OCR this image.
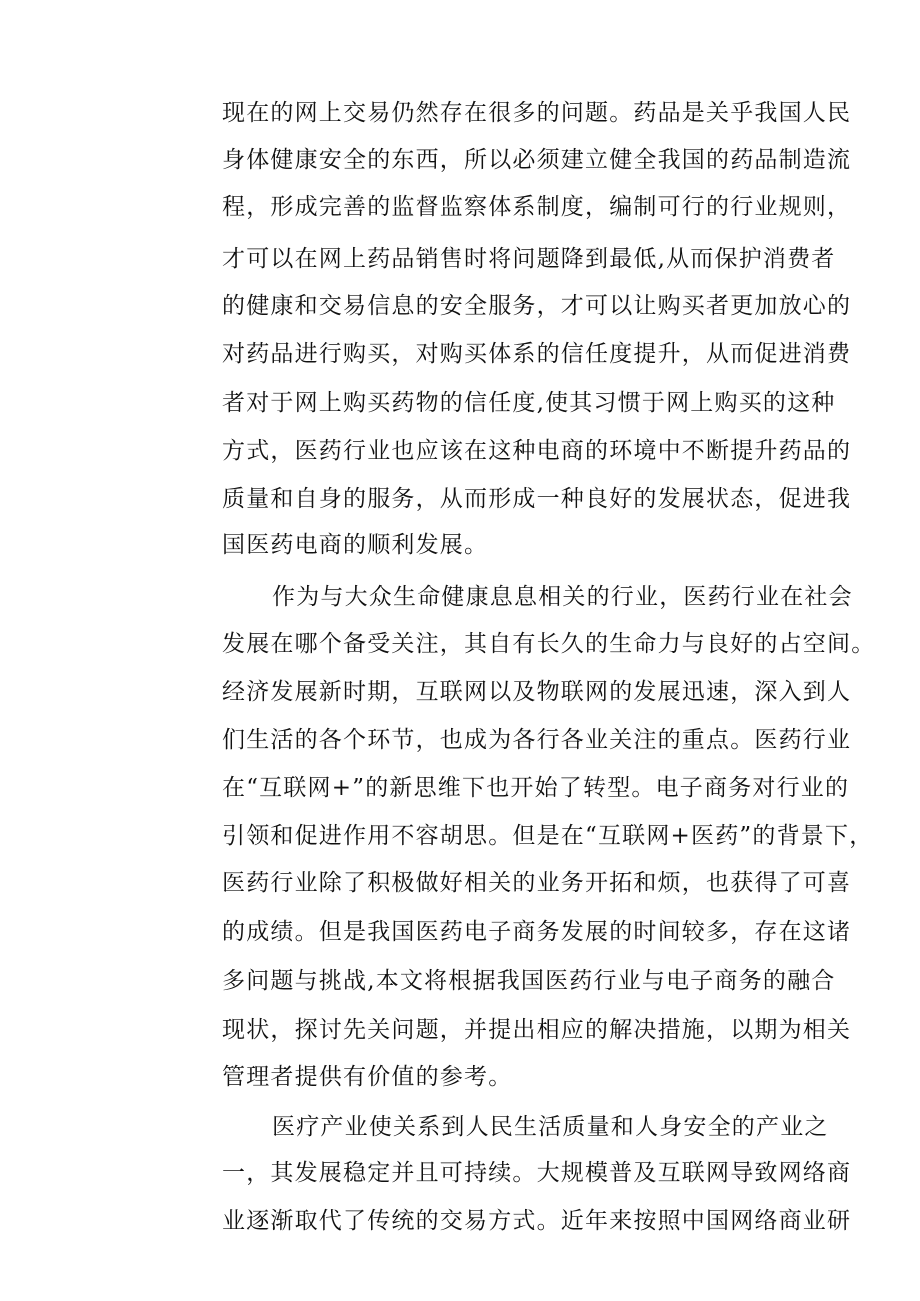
现在的网上交易仍然存在很多的问题。药品是关乎我国人民
身体健康安全的东西，所以必须建立健全我国的药品制造流
程，形成完善的监督监察体系制度，编制可行的行业规则，
才可以在网上药品销售时将问题降到最低,从而保护消费者
的健康和交易信息的安全服务，才可以让购买者更加放心的
对药品进行购买，对购买体系的信任度提升，从而促进消费
者对于网上购买药物的信任度,使其习惯于网上购买的这种
方式，医药行业也应该在这种电商的环境中不断提升药品的
质量和自身的服务，从而形成一种良好的发展状态，促进我
国医药电商的顺利发展。
作为与大众生命健康息息相关的行业，医药行业在社会
发展在哪个备受关注，其自有长久的生命力与良好的占空间。
经济发展新时期，互联网以及物联网的发展迅速，深入到人
们生活的各个环节，也成为各行各业关注的重点。医药行业
在“互联网+”的新思维下也开始了转型。电子商务对行业的
引领和促进作用不容胡思。但是在“互联网+医药”的背景下，
医药行业除了积极做好相关的业务开拓和烦，也获得了可喜
的成绩。但是我国医药电子商务发展的时间较多，存在这诸
多问题与挑战,本文将根据我国医药行业与电子商务的融合
现状，探讨先关问题，并提出相应的解决措施，以期为相关
管理者提供有价值的参考。
医疗产业使关系到人民生活质量和人身安全的产业之
一，其发展稳定并且可持续。大规模普及互联网导致网络商
业逐渐取代了传统的交易方式。近年来按照中国网络商业研
